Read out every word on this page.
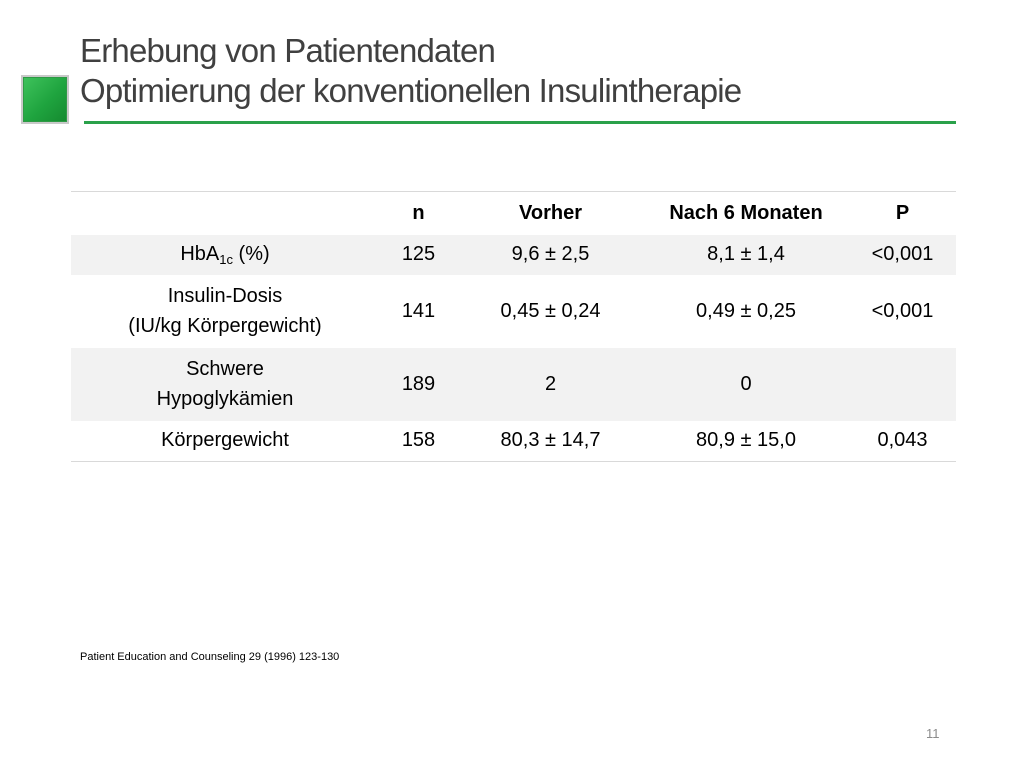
Erhebung von Patientendaten
Optimierung der konventionellen Insulintherapie
	n	Vorher	Nach 6 Monaten	P
HbA$_{1c}$ (%)	125	9,6 ± 2,5	8,1 ± 1,4	<0,001

Insulin-Dosis
(IU/kg Körpergewicht)	141	0,45 ± 0,24	0,49 ± 0,25	<0,001

Schwere
Hypoglykämien	189	2	0	
Körpergewicht	158	80,3 ± 14,7	80,9 ± 15,0	0,043
Patient Education and Counseling 29 (1996) 123-130
11
